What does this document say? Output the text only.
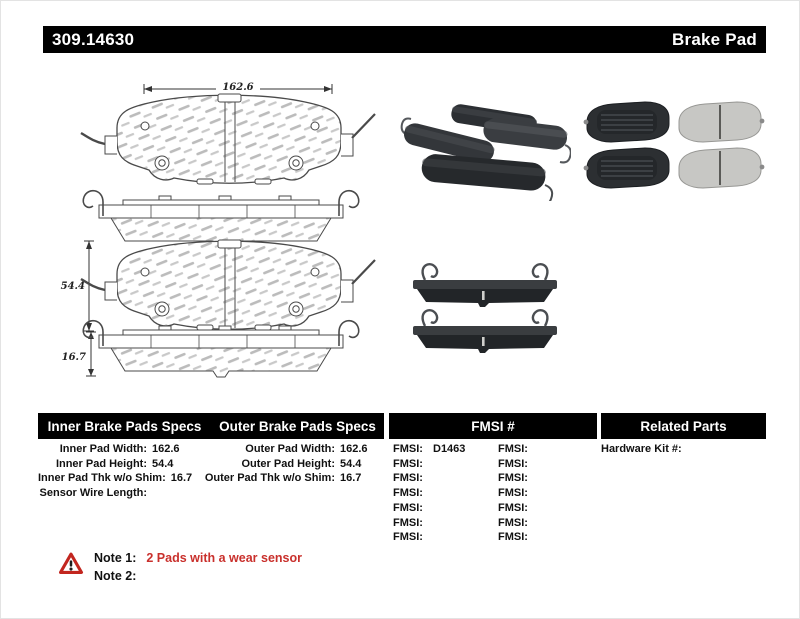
309.14630	Brake Pad
162.6
54.4
16.7
Inner Brake Pads Specs	Outer Brake Pads Specs	FMSI #	Related Parts
Inner Pad Width: 162.6
Inner Pad Height: 54.4
Inner Pad Thk w/o Shim: 16.7
Sensor Wire Length:
Outer Pad Width: 162.6
Outer Pad Height: 54.4
Outer Pad Thk w/o Shim: 16.7
FMSI: D1463
FMSI:
FMSI:
FMSI:
FMSI:
FMSI:
FMSI:
FMSI:
FMSI:
FMSI:
FMSI:
FMSI:
FMSI:
FMSI:
Hardware Kit #:
Note 1: 2 Pads with a wear sensor
Note 2:
